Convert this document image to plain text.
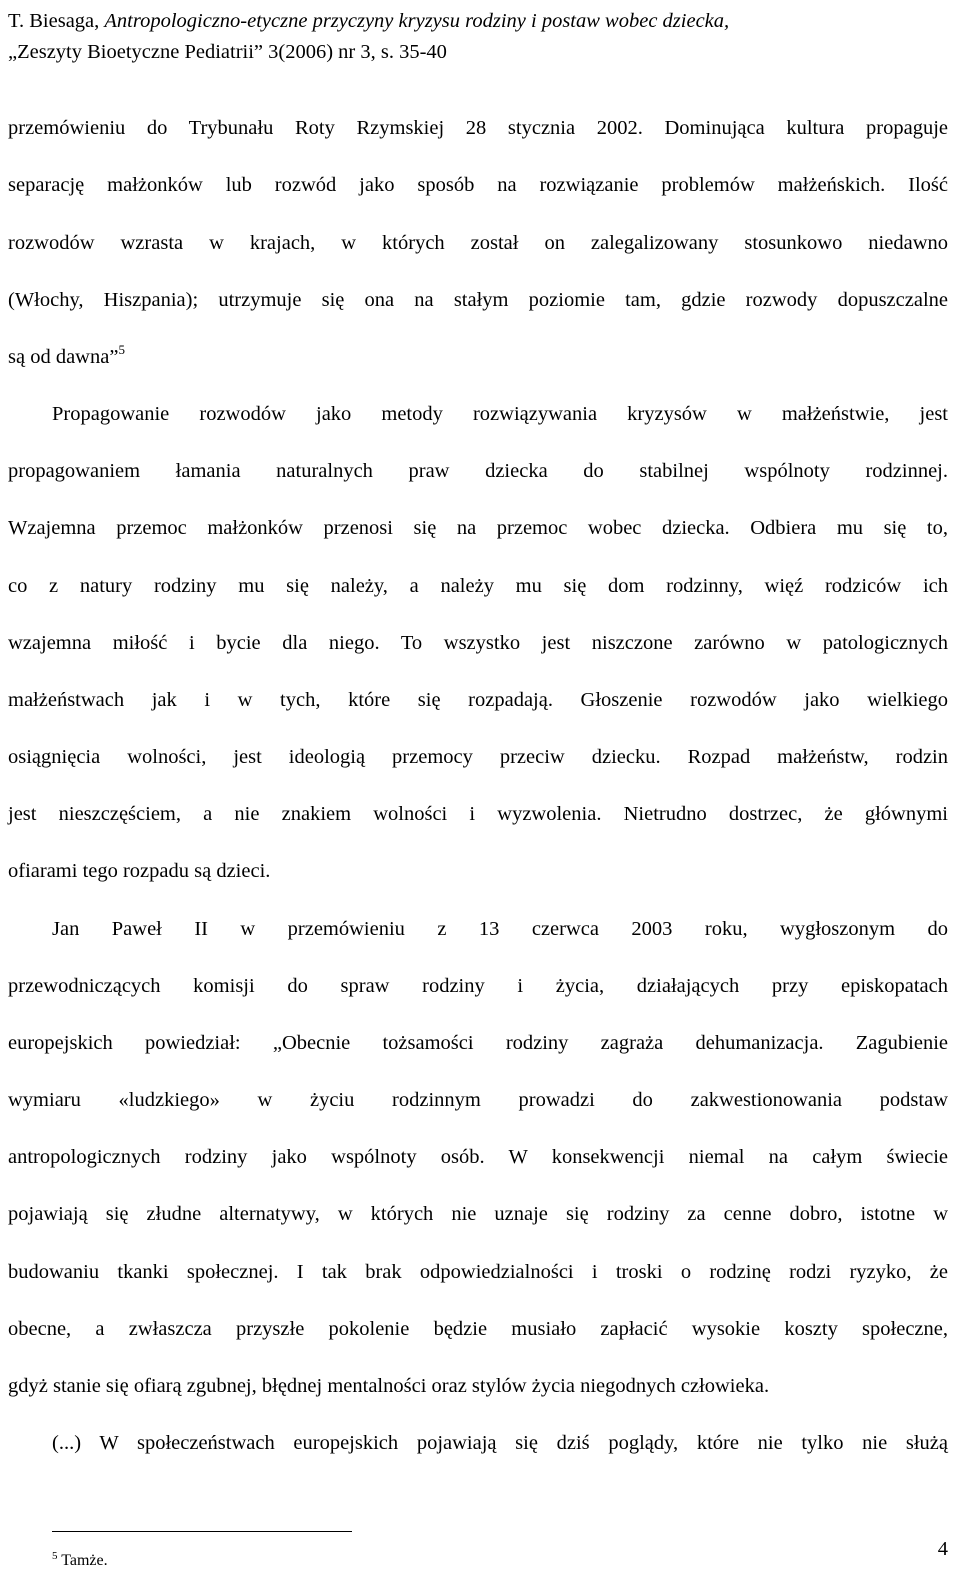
T. Biesaga, Antropologiczno-etyczne przyczyny kryzysu rodziny i postaw wobec dziecka,
„Zeszyty Bioetyczne Pediatrii” 3(2006) nr 3, s. 35-40
przemówieniu do Trybunału Roty Rzymskiej 28 stycznia 2002. Dominująca kultura propaguje
separację małżonków lub rozwód jako sposób na rozwiązanie problemów małżeńskich. Ilość
rozwodów wzrasta w krajach, w których został on zalegalizowany stosunkowo niedawno
(Włochy, Hiszpania); utrzymuje się ona na stałym poziomie tam, gdzie rozwody dopuszczalne
są od dawna”$^5$
Propagowanie rozwodów jako metody rozwiązywania kryzysów w małżeństwie, jest
propagowaniem łamania naturalnych praw dziecka do stabilnej wspólnoty rodzinnej.
Wzajemna przemoc małżonków przenosi się na przemoc wobec dziecka. Odbiera mu się to,
co z natury rodziny mu się należy, a należy mu się dom rodzinny, więź rodziców ich
wzajemna miłość i bycie dla niego. To wszystko jest niszczone zarówno w patologicznych
małżeństwach jak i w tych, które się rozpadają. Głoszenie rozwodów jako wielkiego
osiągnięcia wolności, jest ideologią przemocy przeciw dziecku. Rozpad małżeństw, rodzin
jest nieszczęściem, a nie znakiem wolności i wyzwolenia. Nietrudno dostrzec, że głównymi
ofiarami tego rozpadu są dzieci.
Jan Paweł II w przemówieniu z 13 czerwca 2003 roku, wygłoszonym do
przewodniczących komisji do spraw rodziny i życia, działających przy episkopatach
europejskich powiedział: „Obecnie tożsamości rodziny zagraża dehumanizacja. Zagubienie
wymiaru «ludzkiego» w życiu rodzinnym prowadzi do zakwestionowania podstaw
antropologicznych rodziny jako wspólnoty osób. W konsekwencji niemal na całym świecie
pojawiają się złudne alternatywy, w których nie uznaje się rodziny za cenne dobro, istotne w
budowaniu tkanki społecznej. I tak brak odpowiedzialności i troski o rodzinę rodzi ryzyko, że
obecne, a zwłaszcza przyszłe pokolenie będzie musiało zapłacić wysokie koszty społeczne,
gdyż stanie się ofiarą zgubnej, błędnej mentalności oraz stylów życia niegodnych człowieka.
(...) W społeczeństwach europejskich pojawiają się dziś poglądy, które nie tylko nie służą
$^5$ Tamże.
4
